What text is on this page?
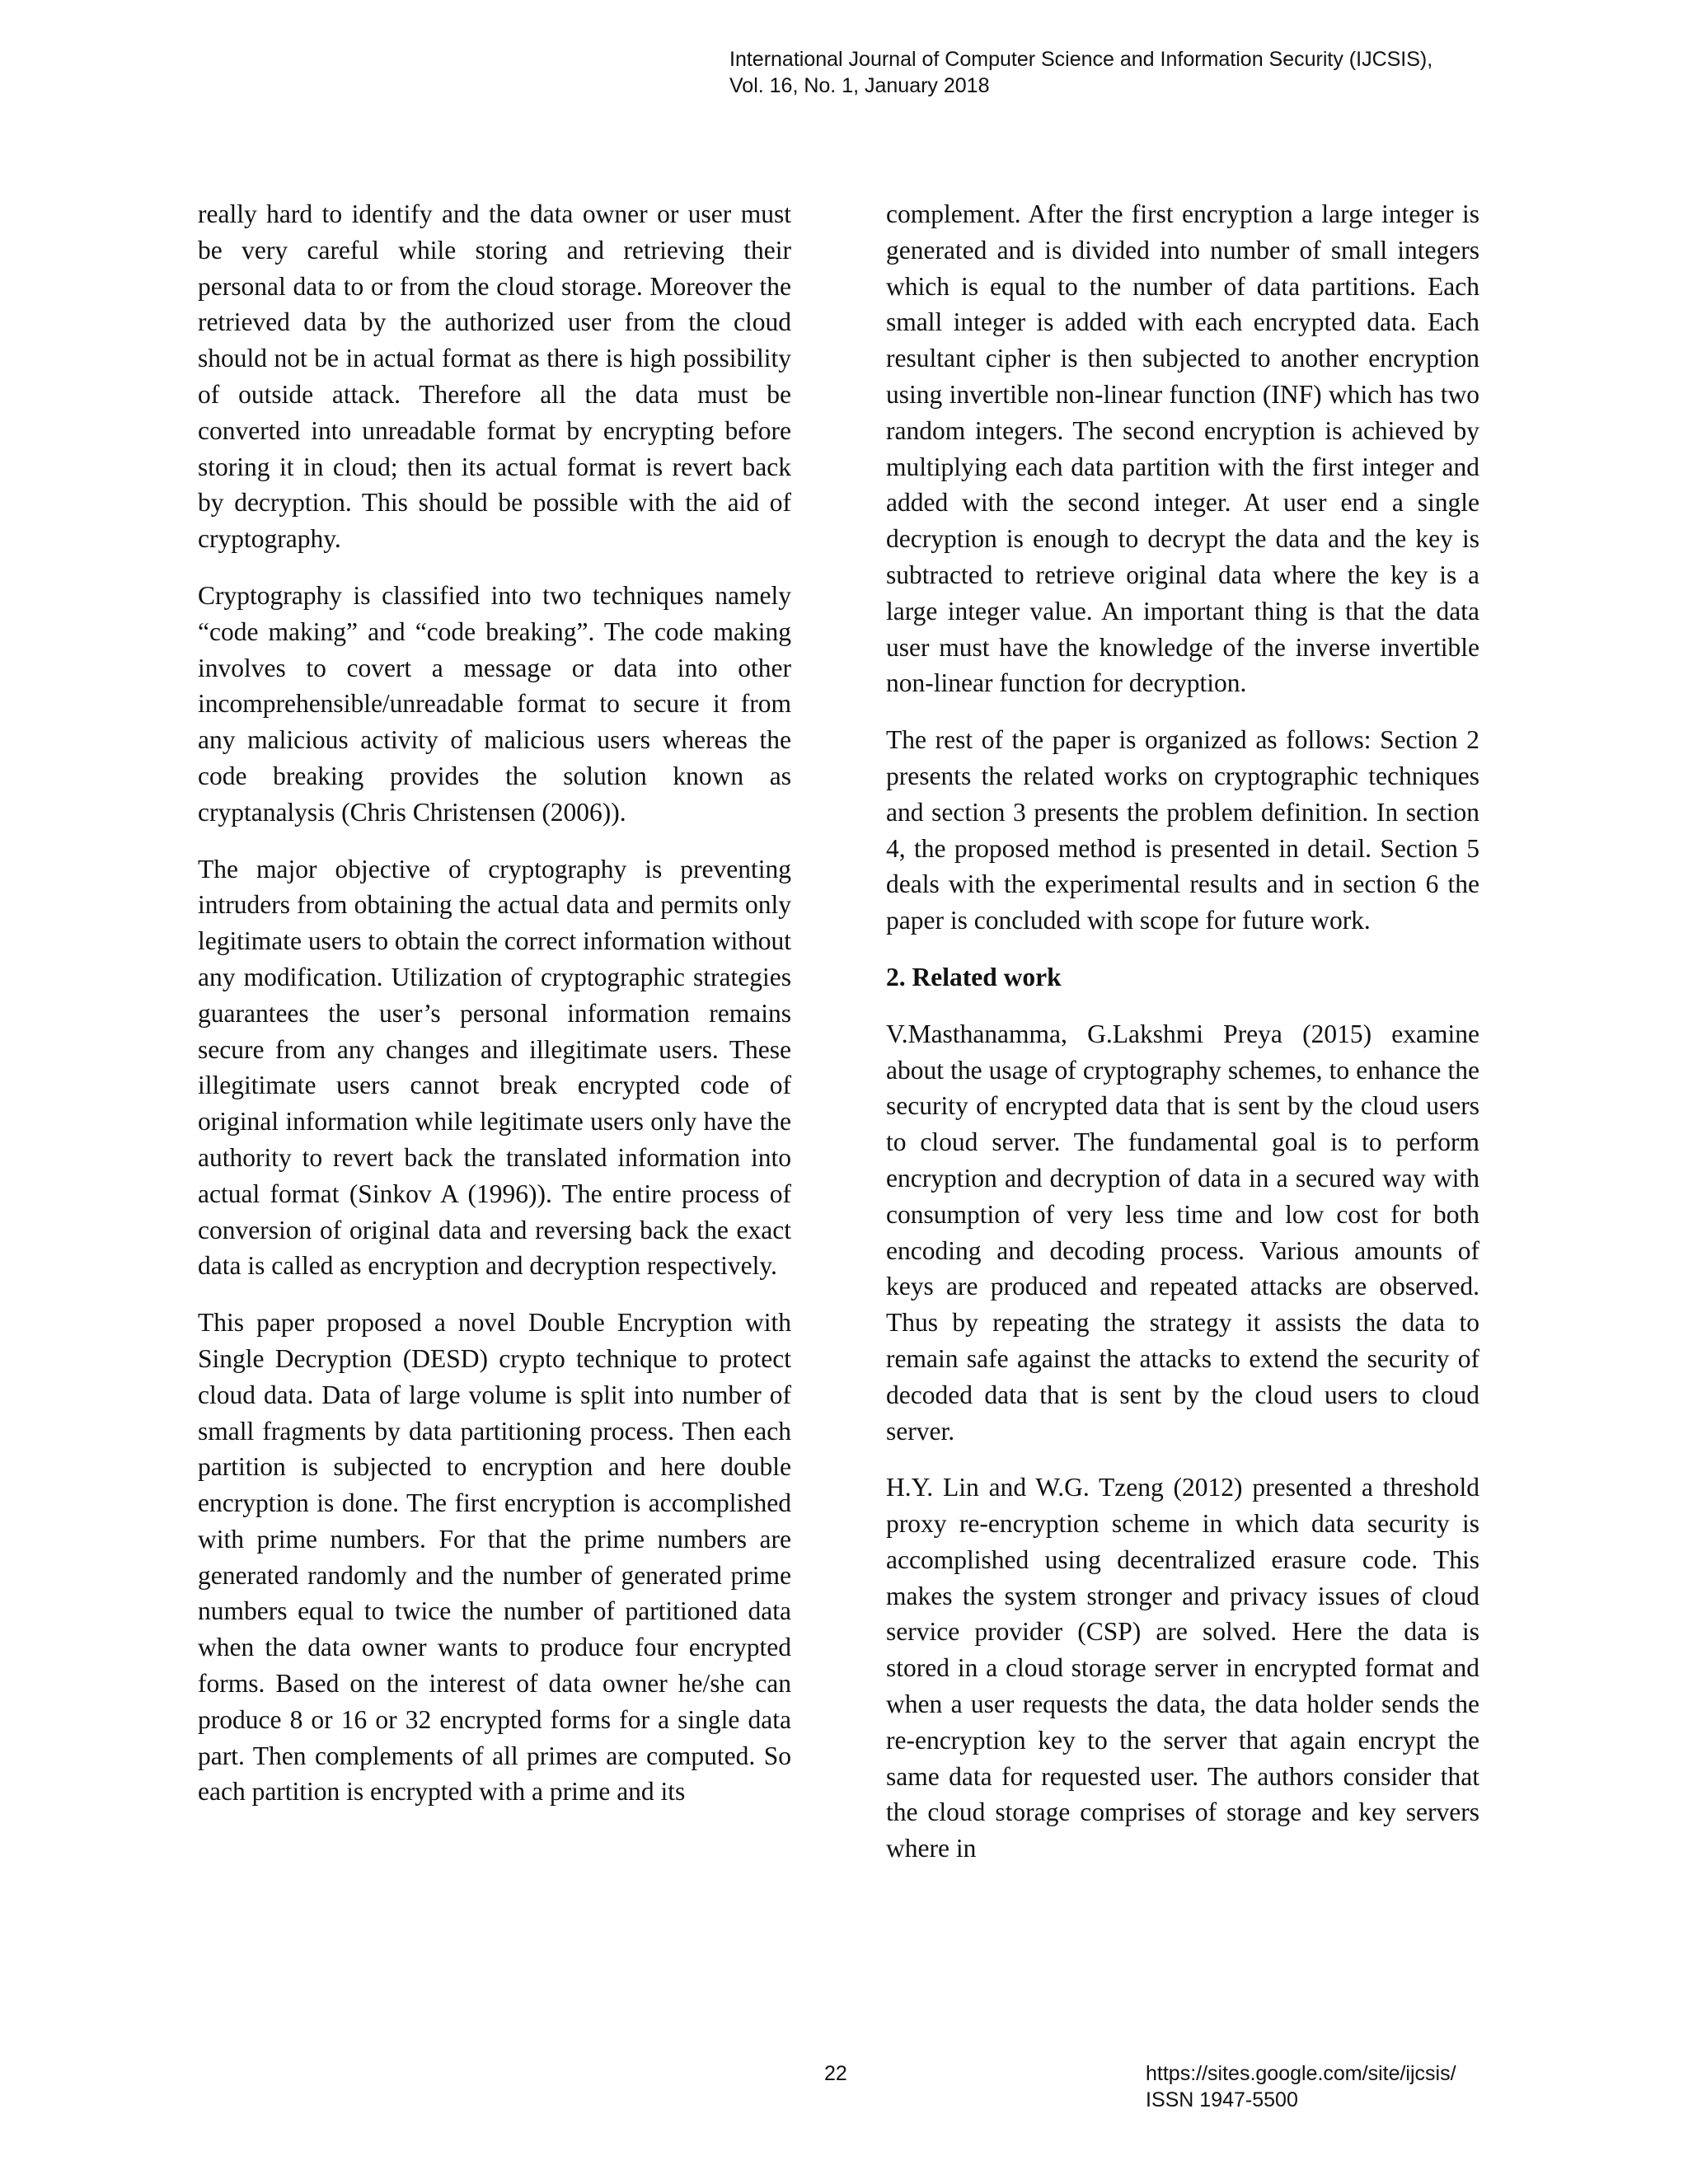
International Journal of Computer Science and Information Security (IJCSIS),
Vol. 16, No. 1, January 2018

really hard to identify and the data owner or user must be very careful while storing and retrieving their personal data to or from the cloud storage. Moreover the retrieved data by the authorized user from the cloud should not be in actual format as there is high possibility of outside attack. Therefore all the data must be converted into unreadable format by encrypting before storing it in cloud; then its actual format is revert back by decryption. This should be possible with the aid of cryptography.

Cryptography is classified into two techniques namely “code making” and “code breaking”. The code making involves to covert a message or data into other incomprehensible/unreadable format to secure it from any malicious activity of malicious users whereas the code breaking provides the solution known as cryptanalysis (Chris Christensen (2006)).

The major objective of cryptography is preventing intruders from obtaining the actual data and permits only legitimate users to obtain the correct information without any modification. Utilization of cryptographic strategies guarantees the user’s personal information remains secure from any changes and illegitimate users. These illegitimate users cannot break encrypted code of original information while legitimate users only have the authority to revert back the translated information into actual format (Sinkov A (1996)). The entire process of conversion of original data and reversing back the exact data is called as encryption and decryption respectively.

This paper proposed a novel Double Encryption with Single Decryption (DESD) crypto technique to protect cloud data. Data of large volume is split into number of small fragments by data partitioning process. Then each partition is subjected to encryption and here double encryption is done. The first encryption is accomplished with prime numbers. For that the prime numbers are generated randomly and the number of generated prime numbers equal to twice the number of partitioned data when the data owner wants to produce four encrypted forms. Based on the interest of data owner he/she can produce 8 or 16 or 32 encrypted forms for a single data part. Then complements of all primes are computed. So each partition is encrypted with a prime and its

complement. After the first encryption a large integer is generated and is divided into number of small integers which is equal to the number of data partitions. Each small integer is added with each encrypted data. Each resultant cipher is then subjected to another encryption using invertible non-linear function (INF) which has two random integers. The second encryption is achieved by multiplying each data partition with the first integer and added with the second integer. At user end a single decryption is enough to decrypt the data and the key is subtracted to retrieve original data where the key is a large integer value. An important thing is that the data user must have the knowledge of the inverse invertible non-linear function for decryption.

The rest of the paper is organized as follows: Section 2 presents the related works on cryptographic techniques and section 3 presents the problem definition. In section 4, the proposed method is presented in detail. Section 5 deals with the experimental results and in section 6 the paper is concluded with scope for future work.

2. Related work

V.Masthanamma, G.Lakshmi Preya (2015) examine about the usage of cryptography schemes, to enhance the security of encrypted data that is sent by the cloud users to cloud server. The fundamental goal is to perform encryption and decryption of data in a secured way with consumption of very less time and low cost for both encoding and decoding process. Various amounts of keys are produced and repeated attacks are observed. Thus by repeating the strategy it assists the data to remain safe against the attacks to extend the security of decoded data that is sent by the cloud users to cloud server.

H.Y. Lin and W.G. Tzeng (2012) presented a threshold proxy re-encryption scheme in which data security is accomplished using decentralized erasure code. This makes the system stronger and privacy issues of cloud service provider (CSP) are solved. Here the data is stored in a cloud storage server in encrypted format and when a user requests the data, the data holder sends the re-encryption key to the server that again encrypt the same data for requested user. The authors consider that the cloud storage comprises of storage and key servers where in

22	https://sites.google.com/site/ijcsis/
ISSN 1947-5500
